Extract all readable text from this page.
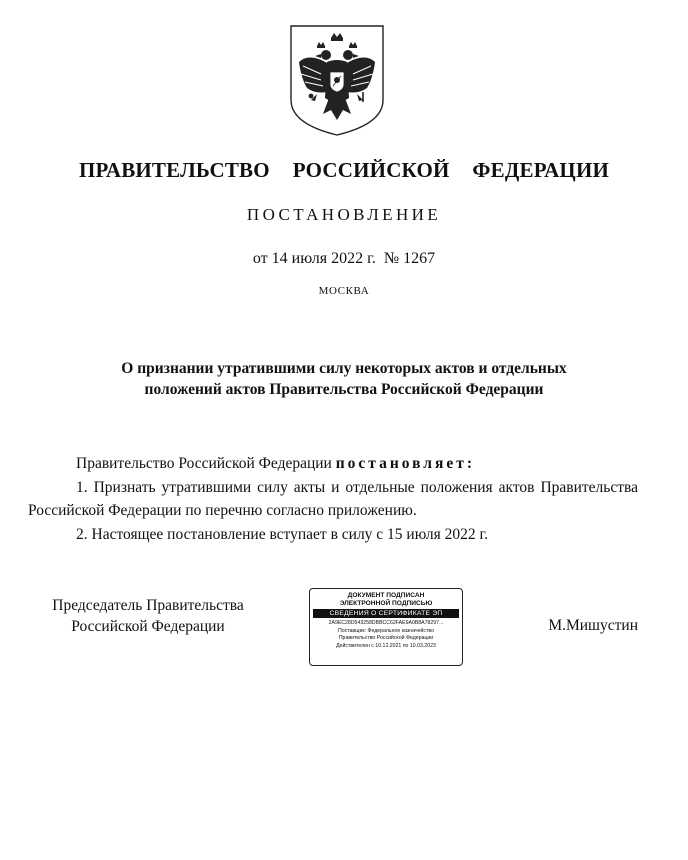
ПРАВИТЕЛЬСТВО  РОССИЙСКОЙ  ФЕДЕРАЦИИ
ПОСТАНОВЛЕНИЕ
от 14 июля 2022 г.  № 1267
МОСКВА
О признании утратившими силу некоторых актов и отдельных
положений актов Правительства Российской Федерации

Правительство Российской Федерации постановляет:

1. Признать утратившими силу акты и отдельные положения актов Правительства Российской Федерации по перечню согласно приложению.

2. Настоящее постановление вступает в силу с 15 июля 2022 г.

Председатель Правительства
Российской Федерации
ДОКУМЕНТ ПОДПИСАН
ЭЛЕКТРОННОЙ ПОДПИСЬЮ
СВЕДЕНИЯ О СЕРТИФИКАТЕ ЭП
2A9EC28D543258DBBCC62FAE9A0B8A78297...
Поставщик: Федеральное казначейство
Правительство Российской Федерации
Действителен с 10.12.2021 по 10.03.2023
М.Мишустин
